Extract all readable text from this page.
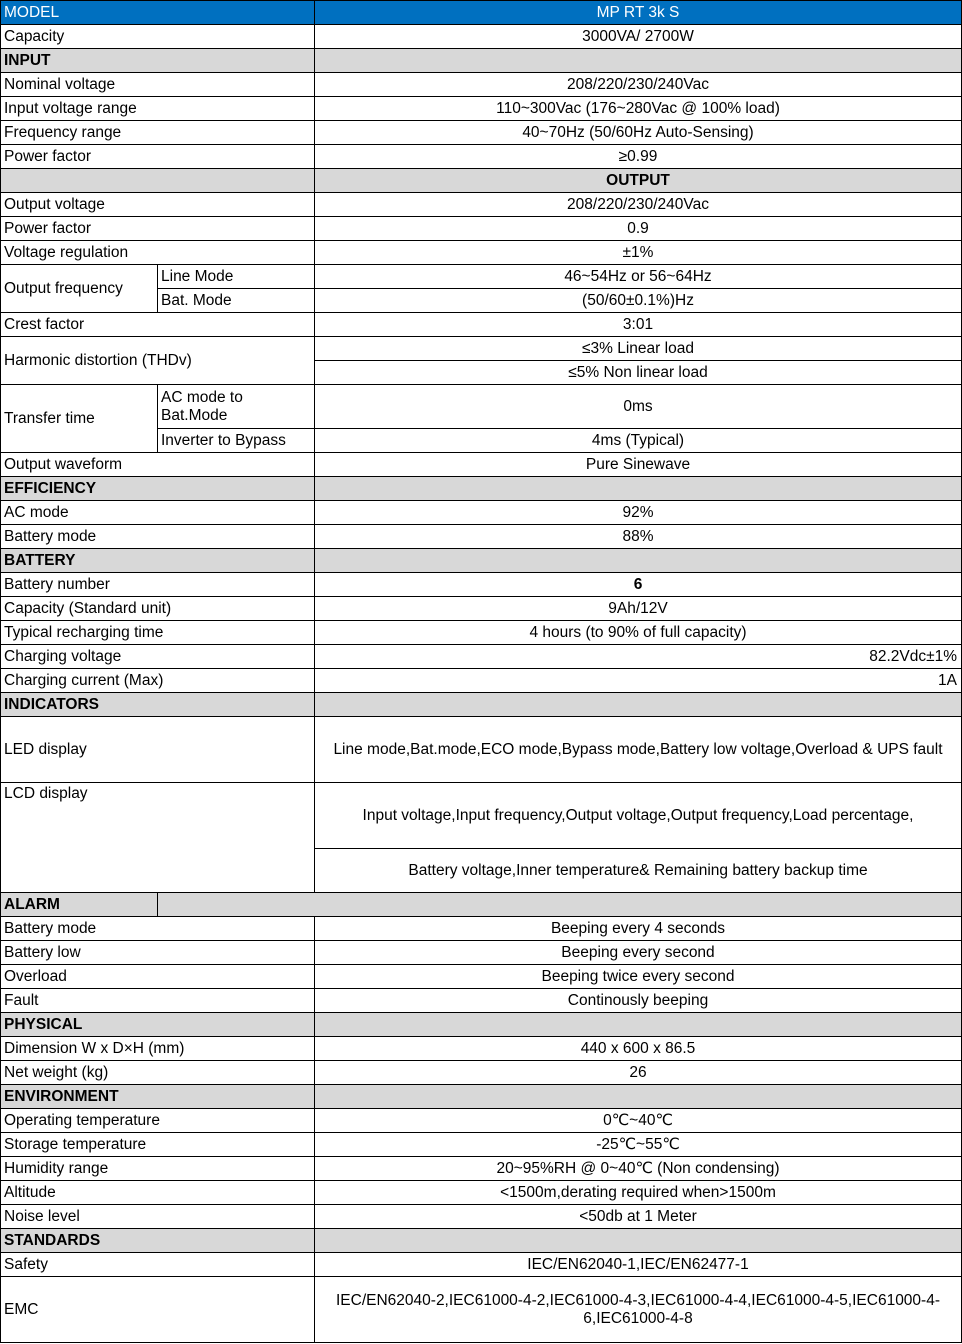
MODEL		MP RT 3k S
Capacity		3000VA/ 2700W
INPUT		
Nominal voltage		208/220/230/240Vac
Input voltage range		110~300Vac (176~280Vac @ 100% load)
Frequency range		40~70Hz (50/60Hz Auto-Sensing)
Power factor		≥0.99
		OUTPUT
Output voltage		208/220/230/240Vac
Power factor		0.9
Voltage regulation		±1%
Output frequency	Line Mode	46~54Hz or 56~64Hz
	Bat. Mode	(50/60±0.1%)Hz
Crest factor		3:01
Harmonic distortion (THDv)		≤3% Linear load
		≤5% Non linear load
Transfer time	AC mode to Bat.Mode	0ms
	Inverter to Bypass	4ms (Typical)
Output waveform		Pure Sinewave
EFFICIENCY		
AC mode		92%
Battery mode		88%
BATTERY		
Battery number		6
Capacity (Standard unit)		9Ah/12V
Typical recharging time		4 hours (to 90% of full capacity)
Charging voltage		82.2Vdc±1%
Charging current (Max)		1A
INDICATORS		
LED display		Line mode,Bat.mode,ECO mode,Bypass mode,Battery low voltage,Overload & UPS fault
LCD display		Input voltage,Input frequency,Output voltage,Output frequency,Load percentage,
		Battery voltage,Inner temperature& Remaining battery backup time
ALARM		
Battery mode		Beeping every 4 seconds
Battery low		Beeping every second
Overload		Beeping twice every second
Fault		Continously beeping
PHYSICAL		
Dimension W x D×H (mm)		440 x 600 x 86.5
Net weight (kg)		26
ENVIRONMENT		
Operating temperature		0℃~40℃
Storage temperature		-25℃~55℃
Humidity range		20~95%RH @ 0~40℃ (Non condensing)
Altitude		<1500m,derating required when>1500m
Noise level		<50db at 1 Meter
STANDARDS		
Safety		IEC/EN62040-1,IEC/EN62477-1
EMC		IEC/EN62040-2,IEC61000-4-2,IEC61000-4-3,IEC61000-4-4,IEC61000-4-5,IEC61000-4-6,IEC61000-4-8
